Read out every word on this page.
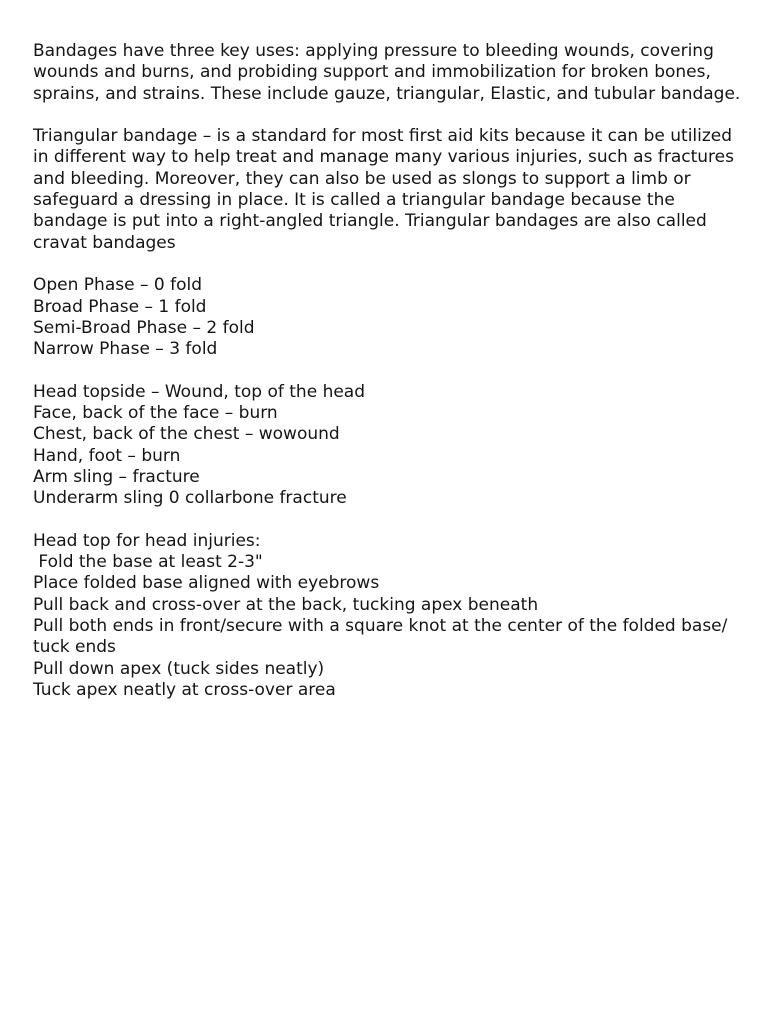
Bandages have three key uses: applying pressure to bleeding wounds, covering
wounds and burns, and probiding support and immobilization for broken bones,
sprains, and strains. These include gauze, triangular, Elastic, and tubular bandage.
Triangular bandage – is a standard for most first aid kits because it can be utilized
in different way to help treat and manage many various injuries, such as fractures
and bleeding. Moreover, they can also be used as slongs to support a limb or
safeguard a dressing in place. It is called a triangular bandage because the
bandage is put into a right-angled triangle. Triangular bandages are also called
cravat bandages
Open Phase – 0 fold
Broad Phase – 1 fold
Semi-Broad Phase – 2 fold
Narrow Phase – 3 fold
Head topside – Wound, top of the head
Face, back of the face – burn
Chest, back of the chest – wowound
Hand, foot – burn
Arm sling – fracture
Underarm sling 0 collarbone fracture
Head top for head injuries:
Fold the base at least 2-3"
Place folded base aligned with eyebrows
Pull back and cross-over at the back, tucking apex beneath
Pull both ends in front/secure with a square knot at the center of the folded base/
tuck ends
Pull down apex (tuck sides neatly)
Tuck apex neatly at cross-over area
